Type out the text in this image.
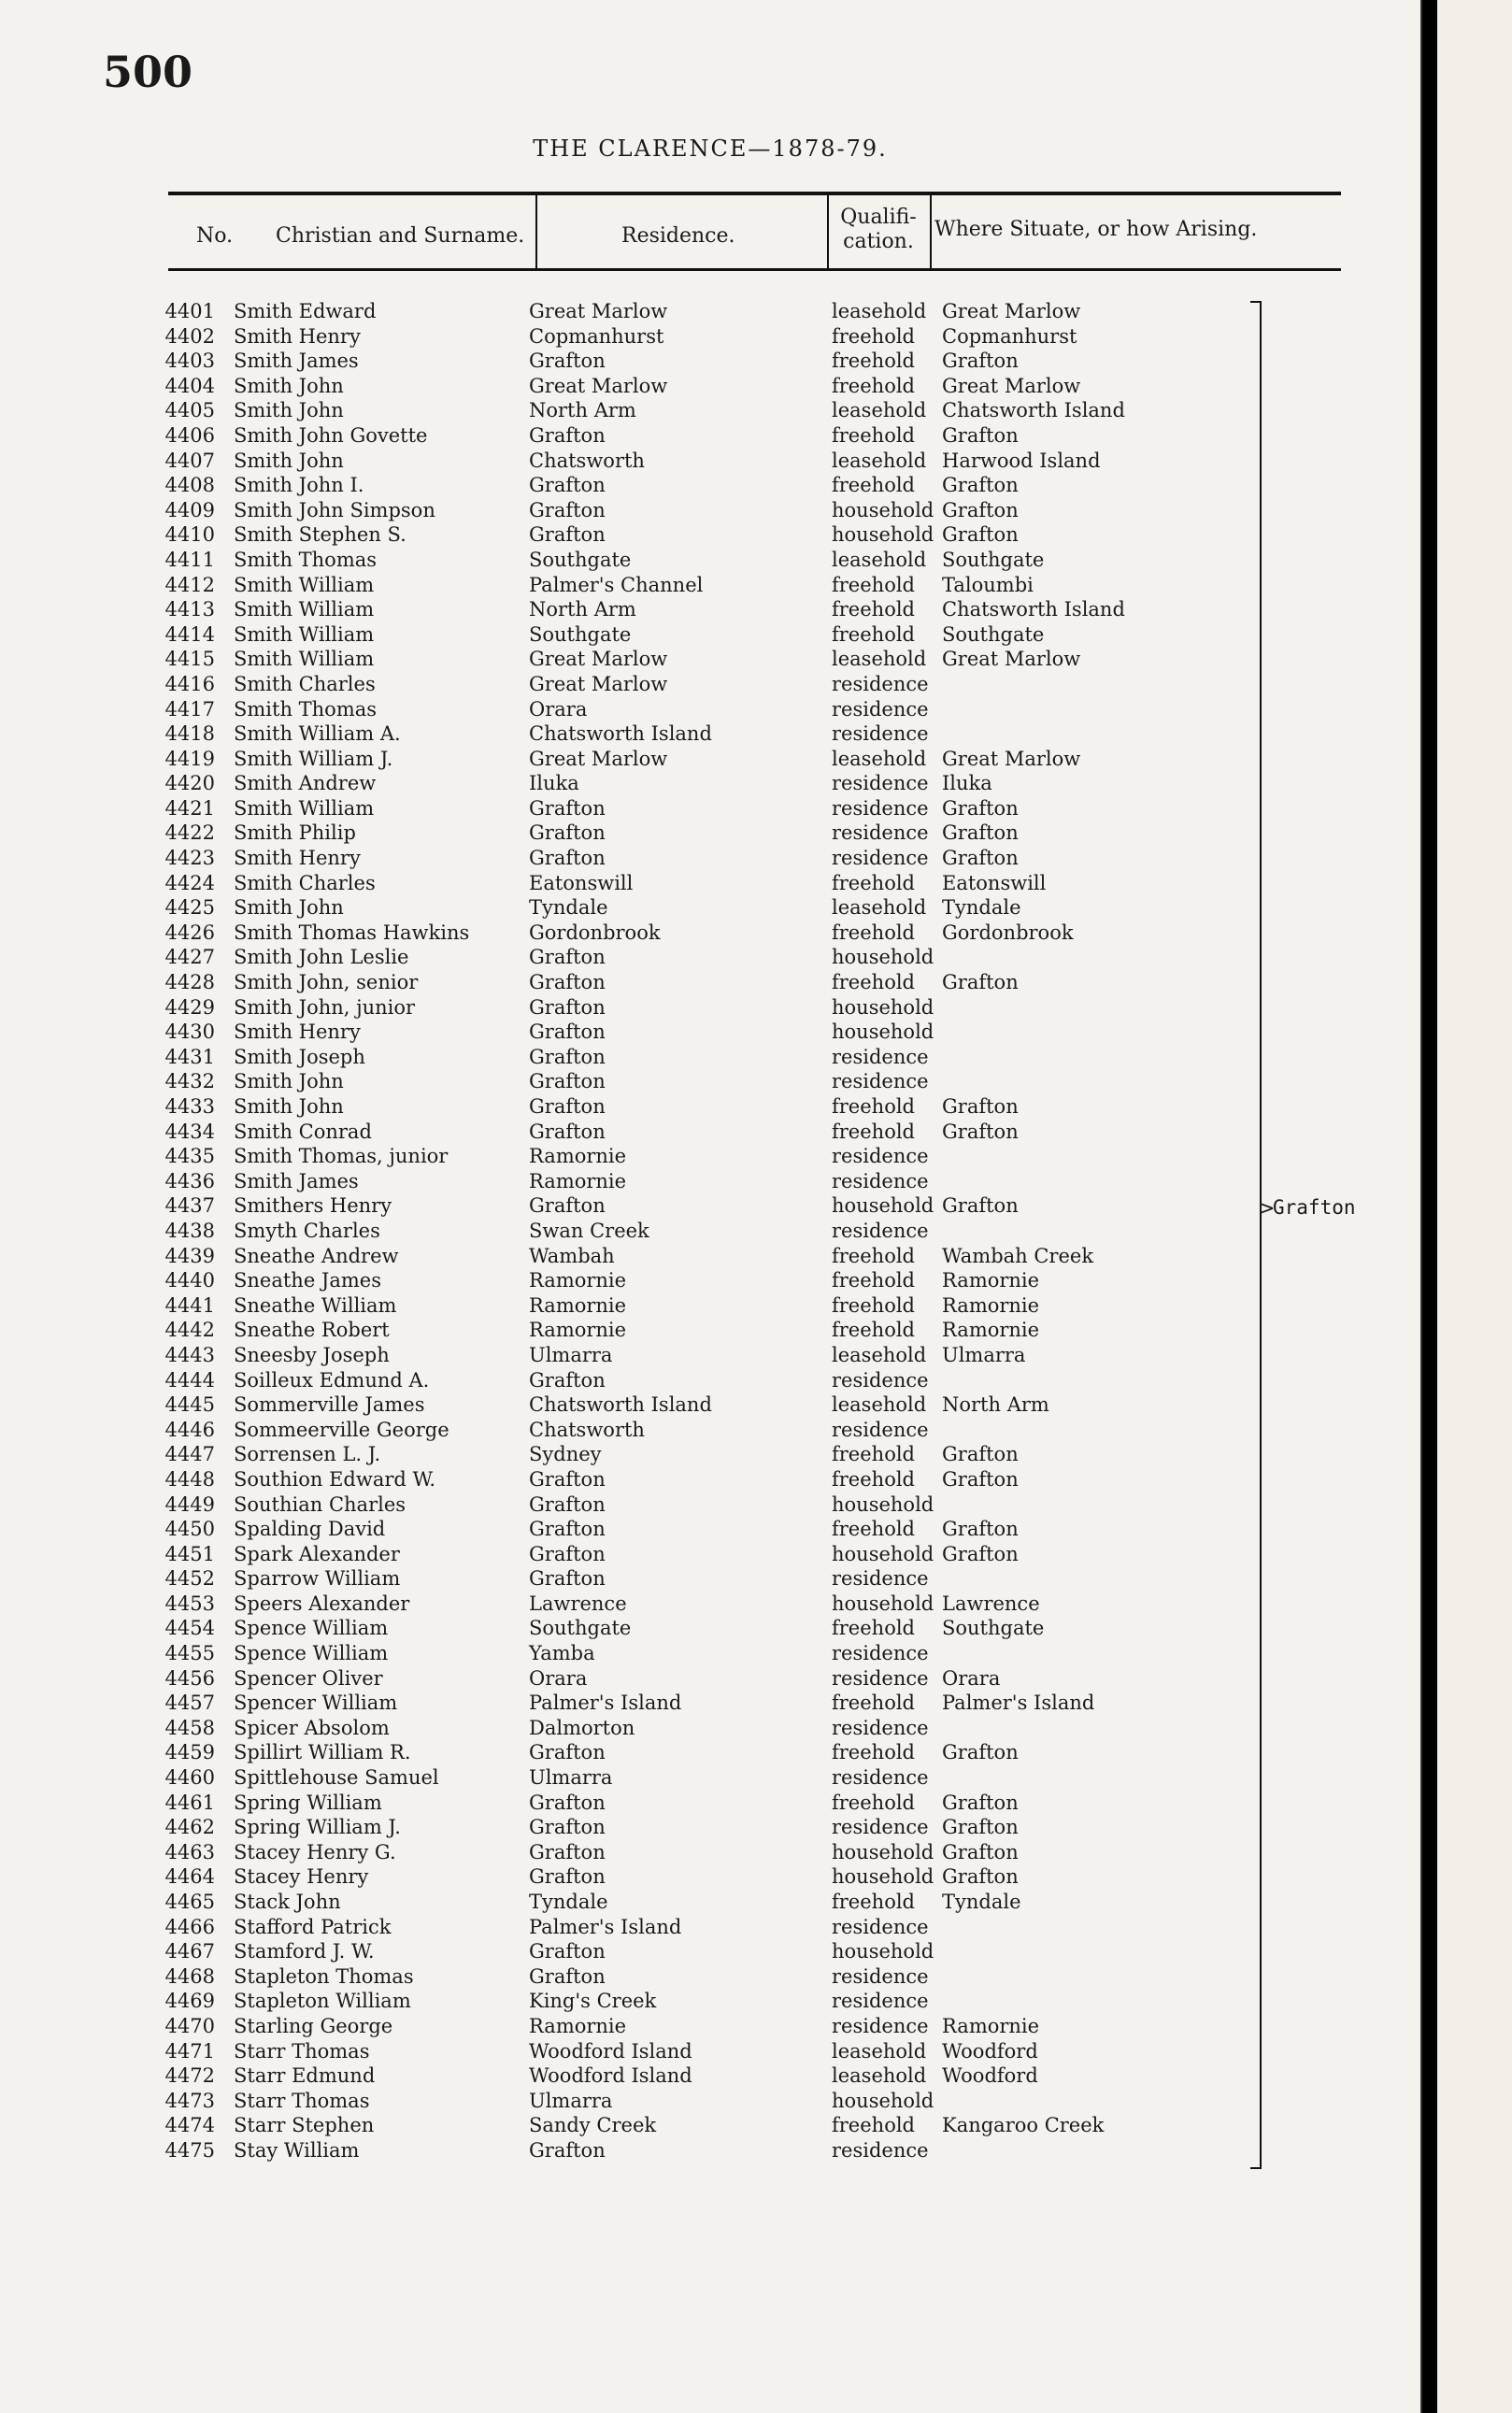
500
THE CLARENCE—1878-79.
No. Christian and Surname.	Residence.
Qualifi-cation.
Where Situate, or how Arising.
4401 Smith Edward	Great Marlow	leasehold Great Marlow
4402 Smith Henry	Copmanhurst	freehold Copmanhurst
4403 Smith James	Grafton	freehold Grafton
4404 Smith John	Great Marlow	freehold Great Marlow
4405 Smith John	North Arm	leasehold Chatsworth Island
4406 Smith John Govette	Grafton	freehold Grafton
4407 Smith John	Chatsworth	leasehold Harwood Island
4408 Smith John I.	Grafton	freehold Grafton
4409 Smith John Simpson	Grafton	household Grafton
4410 Smith Stephen S.	Grafton	household Grafton
4411 Smith Thomas	Southgate	leasehold Southgate
4412 Smith William	Palmer's Channel	freehold Taloumbi
4413 Smith William	North Arm	freehold Chatsworth Island
4414 Smith William	Southgate	freehold Southgate
4415 Smith William	Great Marlow	leasehold Great Marlow
4416 Smith Charles	Great Marlow	residence
4417 Smith Thomas	Orara	residence
4418 Smith William A.	Chatsworth Island	residence
4419 Smith William J.	Great Marlow	leasehold Great Marlow
4420 Smith Andrew	Iluka	residence Iluka
4421 Smith William	Grafton	residence Grafton
4422 Smith Philip	Grafton	residence Grafton
4423 Smith Henry	Grafton	residence Grafton
4424 Smith Charles	Eatonswill	freehold Eatonswill
4425 Smith John	Tyndale	leasehold Tyndale
4426 Smith Thomas Hawkins	Gordonbrook	freehold Gordonbrook
4427 Smith John Leslie	Grafton	household
4428 Smith John, senior	Grafton	freehold Grafton
4429 Smith John, junior	Grafton	household
4430 Smith Henry	Grafton	household
4431 Smith Joseph	Grafton	residence
4432 Smith John	Grafton	residence
4433 Smith John	Grafton	freehold Grafton
4434 Smith Conrad	Grafton	freehold Grafton
4435 Smith Thomas, junior	Ramornie	residence
4436 Smith James	Ramornie	residence
4437 Smithers Henry	Grafton	household Grafton
4438 Smyth Charles	Swan Creek	residence
4439 Sneathe Andrew	Wambah	freehold Wambah Creek
4440 Sneathe James	Ramornie	freehold Ramornie
4441 Sneathe William	Ramornie	freehold Ramornie
4442 Sneathe Robert	Ramornie	freehold Ramornie
4443 Sneesby Joseph	Ulmarra	leasehold Ulmarra
4444 Soilleux Edmund A.	Grafton	residence
4445 Sommerville James	Chatsworth Island	leasehold North Arm
4446 Sommeerville George	Chatsworth	residence
4447 Sorrensen L. J.	Sydney	freehold Grafton
4448 Southion Edward W.	Grafton	freehold Grafton
4449 Southian Charles	Grafton	household
4450 Spalding David	Grafton	freehold Grafton
4451 Spark Alexander	Grafton	household Grafton
4452 Sparrow William	Grafton	residence
4453 Speers Alexander	Lawrence	household Lawrence
4454 Spence William	Southgate	freehold Southgate
4455 Spence William	Yamba	residence
4456 Spencer Oliver	Orara	residence Orara
4457 Spencer William	Palmer's Island	freehold Palmer's Island
4458 Spicer Absolom	Dalmorton	residence
4459 Spillirt William R.	Grafton	freehold Grafton
4460 Spittlehouse Samuel	Ulmarra	residence
4461 Spring William	Grafton	freehold Grafton
4462 Spring William J.	Grafton	residence Grafton
4463 Stacey Henry G.	Grafton	household Grafton
4464 Stacey Henry	Grafton	household Grafton
4465 Stack John	Tyndale	freehold Tyndale
4466 Stafford Patrick	Palmer's Island	residence
4467 Stamford J. W.	Grafton	household
4468 Stapleton Thomas	Grafton	residence
4469 Stapleton William	King's Creek	residence
4470 Starling George	Ramornie	residence Ramornie
4471 Starr Thomas	Woodford Island	leasehold Woodford
4472 Starr Edmund	Woodford Island	leasehold Woodford
4473 Starr Thomas	Ulmarra	household
4474 Starr Stephen	Sandy Creek	freehold Kangaroo Creek
4475 Stay William	Grafton	residence
>
Grafton
